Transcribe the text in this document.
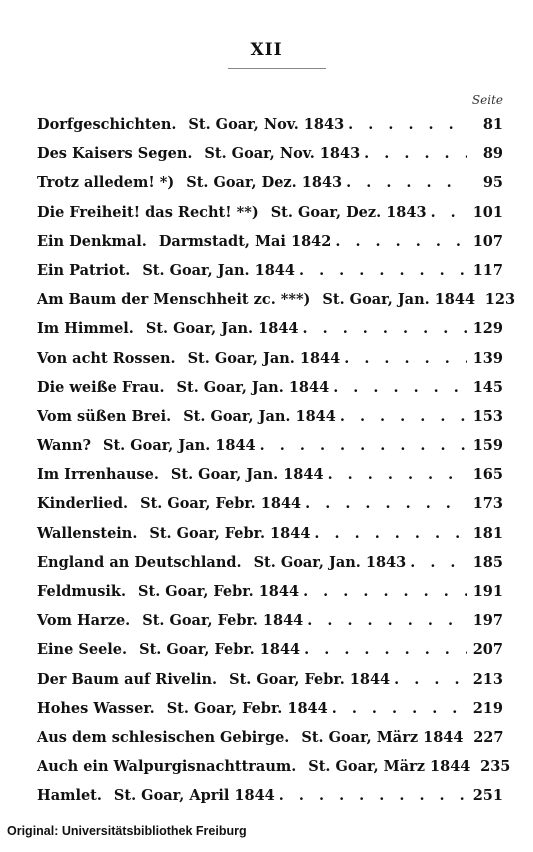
XII
Seite
Dorfgeschichten. St. Goar, Nov. 1843 . . .	81
Des Kaisers Segen. St. Goar, Nov. 1843 . . .	89
Trotz alledem! *) St. Goar, Dez. 1843 . . .	95
Die Freiheit! das Recht! **) St. Goar, Dez. 1843 . . .	101
Ein Denkmal. Darmstadt, Mai 1842 . . .	107
Ein Patriot. St. Goar, Jan. 1844 . . .	117
Am Baum der Menschheit zc. ***) St. Goar, Jan. 1844 123
Im Himmel. St. Goar, Jan. 1844 . . .	129
Von acht Rossen. St. Goar, Jan. 1844 . . .	139
Die weiße Frau. St. Goar, Jan. 1844 . . .	145
Vom süßen Brei. St. Goar, Jan. 1844 . . .	153
Wann? St. Goar, Jan. 1844 . . .	159
Im Irrenhause. St. Goar, Jan. 1844 . . .	165
Kinderlied. St. Goar, Febr. 1844 . . .	173
Wallenstein. St. Goar, Febr. 1844 . . .	181
England an Deutschland. St. Goar, Jan. 1843 . . .	185
Feldmusik. St. Goar, Febr. 1844 . . .	191
Vom Harze. St. Goar, Febr. 1844 . . .	197
Eine Seele. St. Goar, Febr. 1844 . . .	207
Der Baum auf Rivelin. St. Goar, Febr. 1844 . . .	213
Hohes Wasser. St. Goar, Febr. 1844 . . .	219
Aus dem schlesischen Gebirge. St. Goar, März 1844 227
Auch ein Walpurgisnachttraum. St. Goar, März 1844 235
Hamlet. St. Goar, April 1844 . . .	251
Original: Universitätsbibliothek Freiburg
